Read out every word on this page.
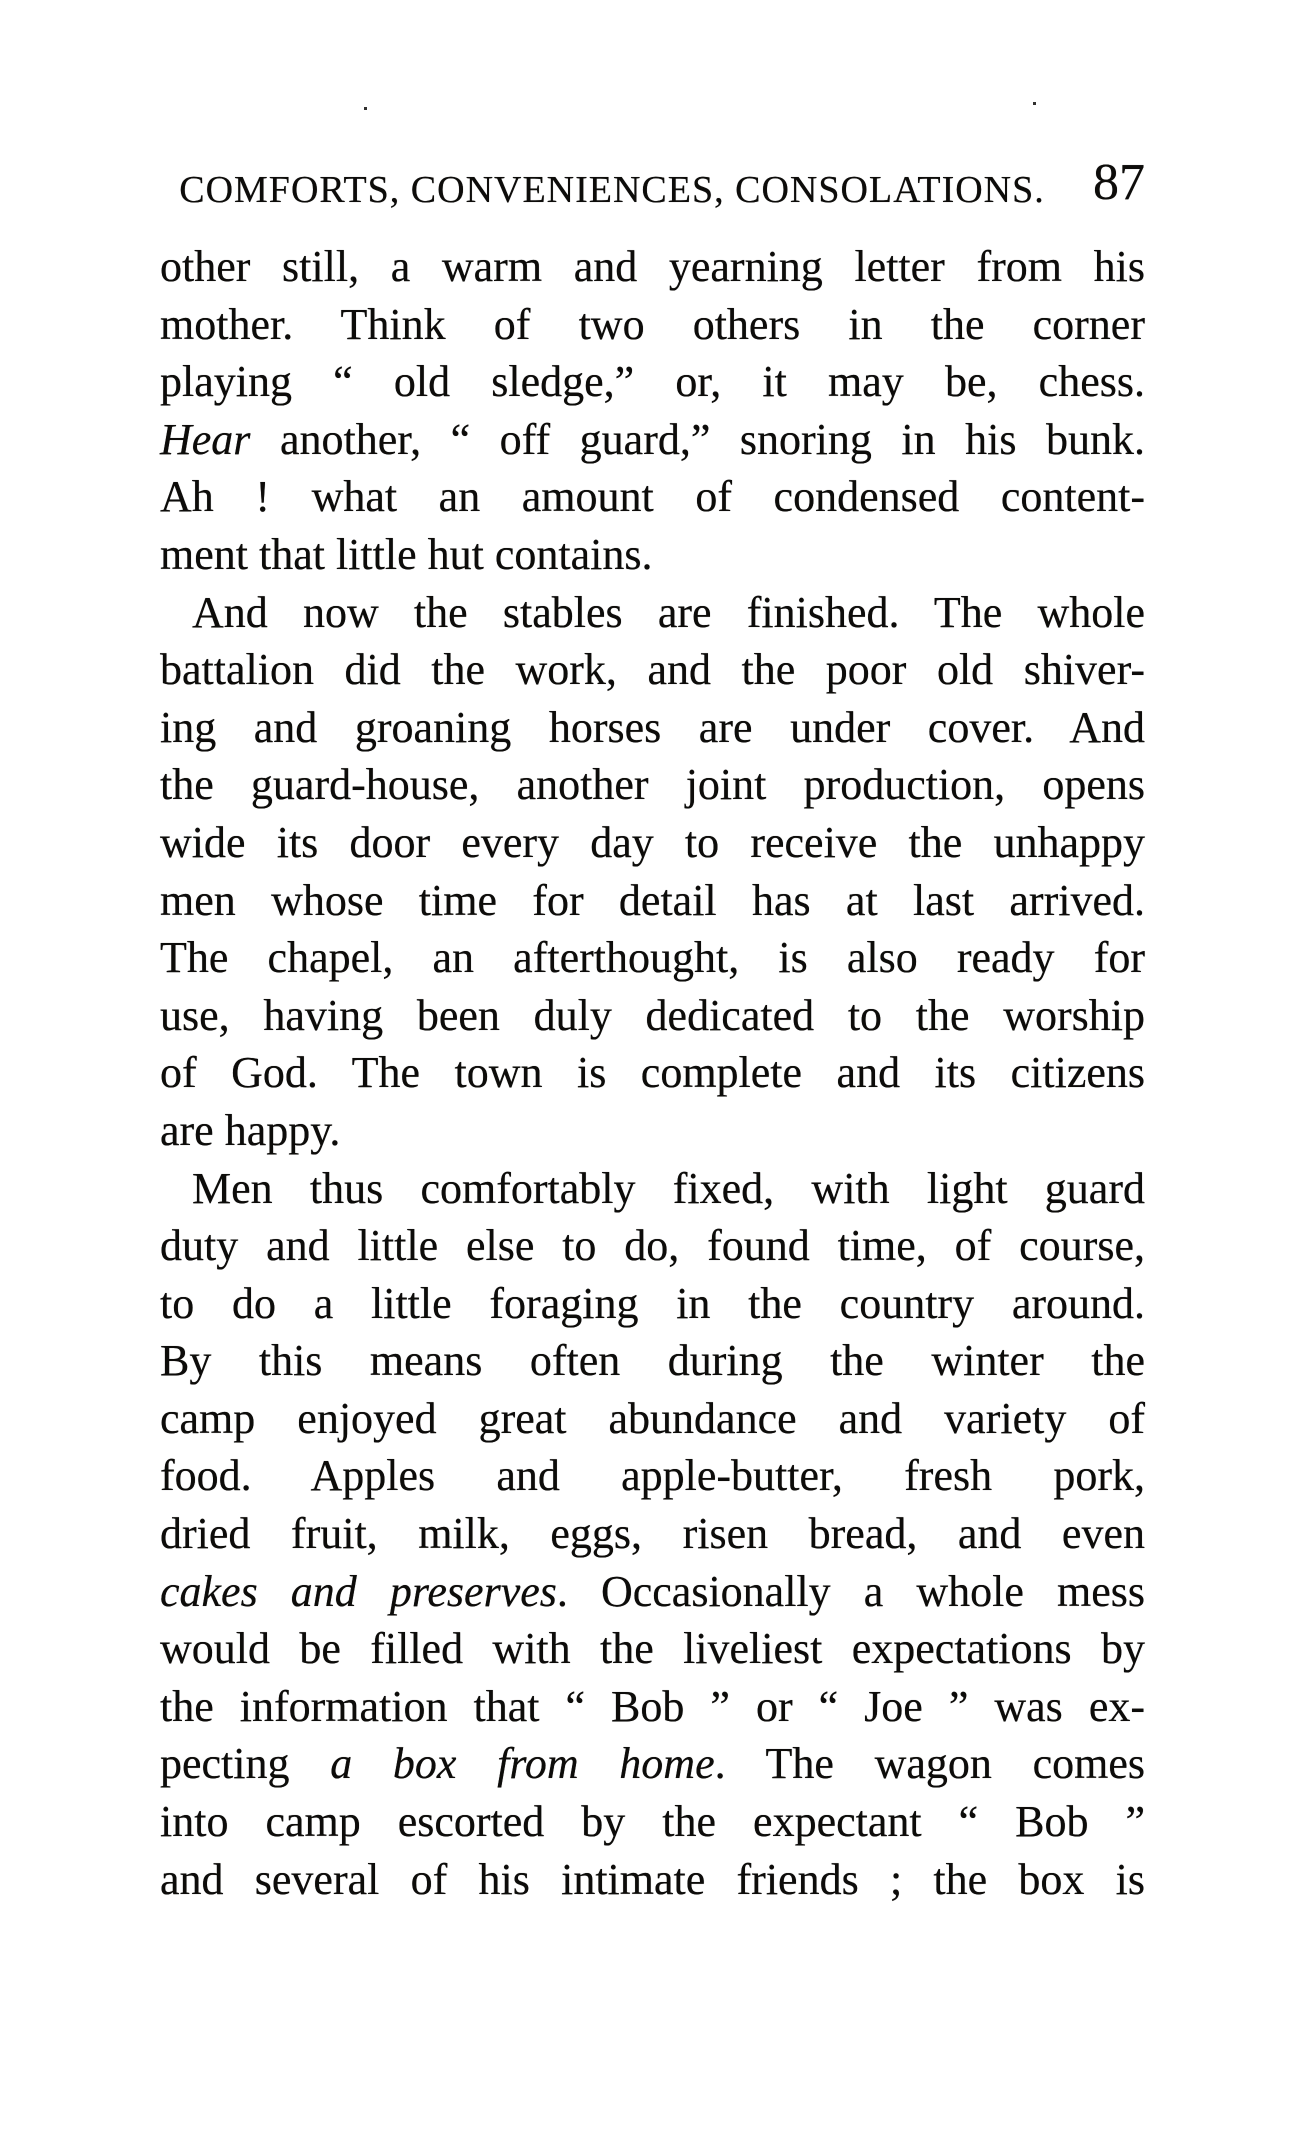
COMFORTS, CONVENIENCES, CONSOLATIONS. 87
other still, a warm and yearning letter from his
mother. Think of two others in the corner
playing “ old sledge,” or, it may be, chess.
Hear another, “ off guard,” snoring in his bunk.
Ah ! what an amount of condensed content-
ment that little hut contains.
And now the stables are finished. The whole
battalion did the work, and the poor old shiver-
ing and groaning horses are under cover. And
the guard-house, another joint production, opens
wide its door every day to receive the unhappy
men whose time for detail has at last arrived.
The chapel, an afterthought, is also ready for
use, having been duly dedicated to the worship
of God. The town is complete and its citizens
are happy.
Men thus comfortably fixed, with light guard
duty and little else to do, found time, of course,
to do a little foraging in the country around.
By this means often during the winter the
camp enjoyed great abundance and variety of
food. Apples and apple-butter, fresh pork,
dried fruit, milk, eggs, risen bread, and even
cakes and preserves. Occasionally a whole mess
would be filled with the liveliest expectations by
the information that “ Bob ” or “ Joe ” was ex-
pecting a box from home. The wagon comes
into camp escorted by the expectant “ Bob ”
and several of his intimate friends ; the box is
